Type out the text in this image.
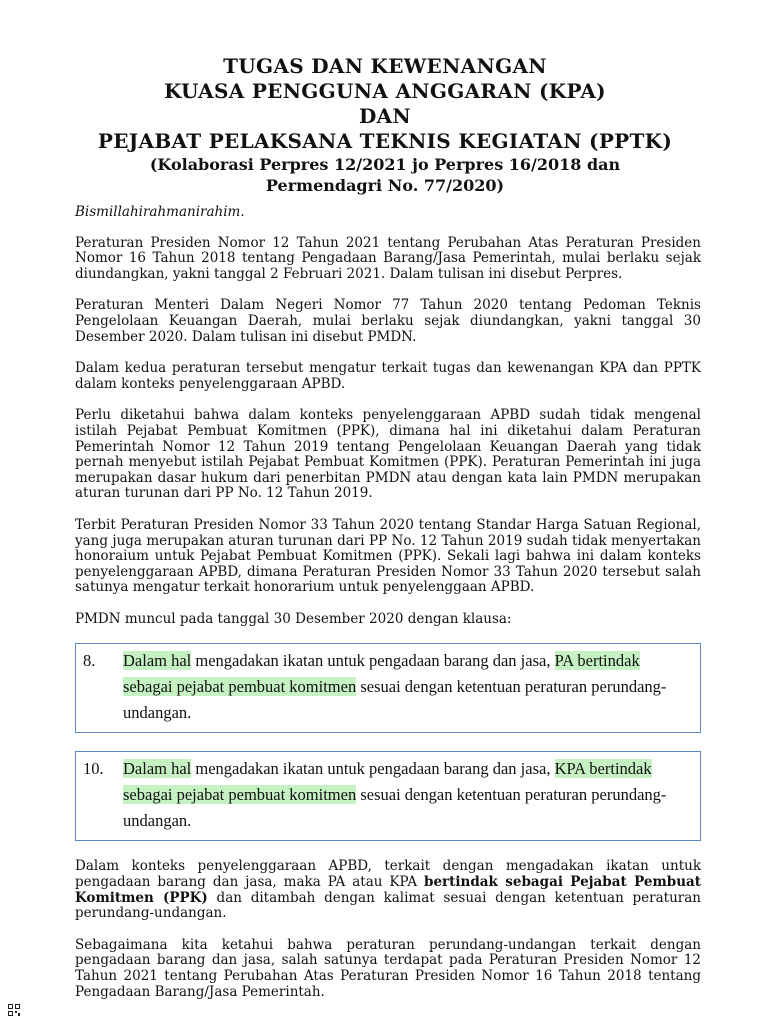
TUGAS DAN KEWENANGAN
KUASA PENGGUNA ANGGARAN (KPA)
DAN
PEJABAT PELAKSANA TEKNIS KEGIATAN (PPTK)
(Kolaborasi Perpres 12/2021 jo Perpres 16/2018 dan
Permendagri No. 77/2020)

Bismillahirahmanirahim.

Peraturan Presiden Nomor 12 Tahun 2021 tentang Perubahan Atas Peraturan Presiden Nomor 16 Tahun 2018 tentang Pengadaan Barang/Jasa Pemerintah, mulai berlaku sejak diundangkan, yakni tanggal 2 Februari 2021. Dalam tulisan ini disebut Perpres.

Peraturan Menteri Dalam Negeri Nomor 77 Tahun 2020 tentang Pedoman Teknis Pengelolaan Keuangan Daerah, mulai berlaku sejak diundangkan, yakni tanggal 30 Desember 2020. Dalam tulisan ini disebut PMDN.

Dalam kedua peraturan tersebut mengatur terkait tugas dan kewenangan KPA dan PPTK dalam konteks penyelenggaraan APBD.

Perlu diketahui bahwa dalam konteks penyelenggaraan APBD sudah tidak mengenal istilah Pejabat Pembuat Komitmen (PPK), dimana hal ini diketahui dalam Peraturan Pemerintah Nomor 12 Tahun 2019 tentang Pengelolaan Keuangan Daerah yang tidak pernah menyebut istilah Pejabat Pembuat Komitmen (PPK). Peraturan Pemerintah ini juga merupakan dasar hukum dari penerbitan PMDN atau dengan kata lain PMDN merupakan aturan turunan dari PP No. 12 Tahun 2019.

Terbit Peraturan Presiden Nomor 33 Tahun 2020 tentang Standar Harga Satuan Regional, yang juga merupakan aturan turunan dari PP No. 12 Tahun 2019 sudah tidak menyertakan honoraium untuk Pejabat Pembuat Komitmen (PPK). Sekali lagi bahwa ini dalam konteks penyelenggaraan APBD, dimana Peraturan Presiden Nomor 33 Tahun 2020 tersebut salah satunya mengatur terkait honorarium untuk penyelenggaan APBD.

PMDN muncul pada tanggal 30 Desember 2020 dengan klausa:

8.	Dalam hal mengadakan ikatan untuk pengadaan barang dan jasa, PA bertindak sebagai pejabat pembuat komitmen sesuai dengan ketentuan peraturan perundang-undangan.
10.	Dalam hal mengadakan ikatan untuk pengadaan barang dan jasa, KPA bertindak sebagai pejabat pembuat komitmen sesuai dengan ketentuan peraturan perundang-undangan.

Dalam konteks penyelenggaraan APBD, terkait dengan mengadakan ikatan untuk pengadaan barang dan jasa, maka PA atau KPA bertindak sebagai Pejabat Pembuat Komitmen (PPK) dan ditambah dengan kalimat sesuai dengan ketentuan peraturan perundang-undangan.

Sebagaimana kita ketahui bahwa peraturan perundang-undangan terkait dengan pengadaan barang dan jasa, salah satunya terdapat pada Peraturan Presiden Nomor 12 Tahun 2021 tentang Perubahan Atas Peraturan Presiden Nomor 16 Tahun 2018 tentang Pengadaan Barang/Jasa Pemerintah.
